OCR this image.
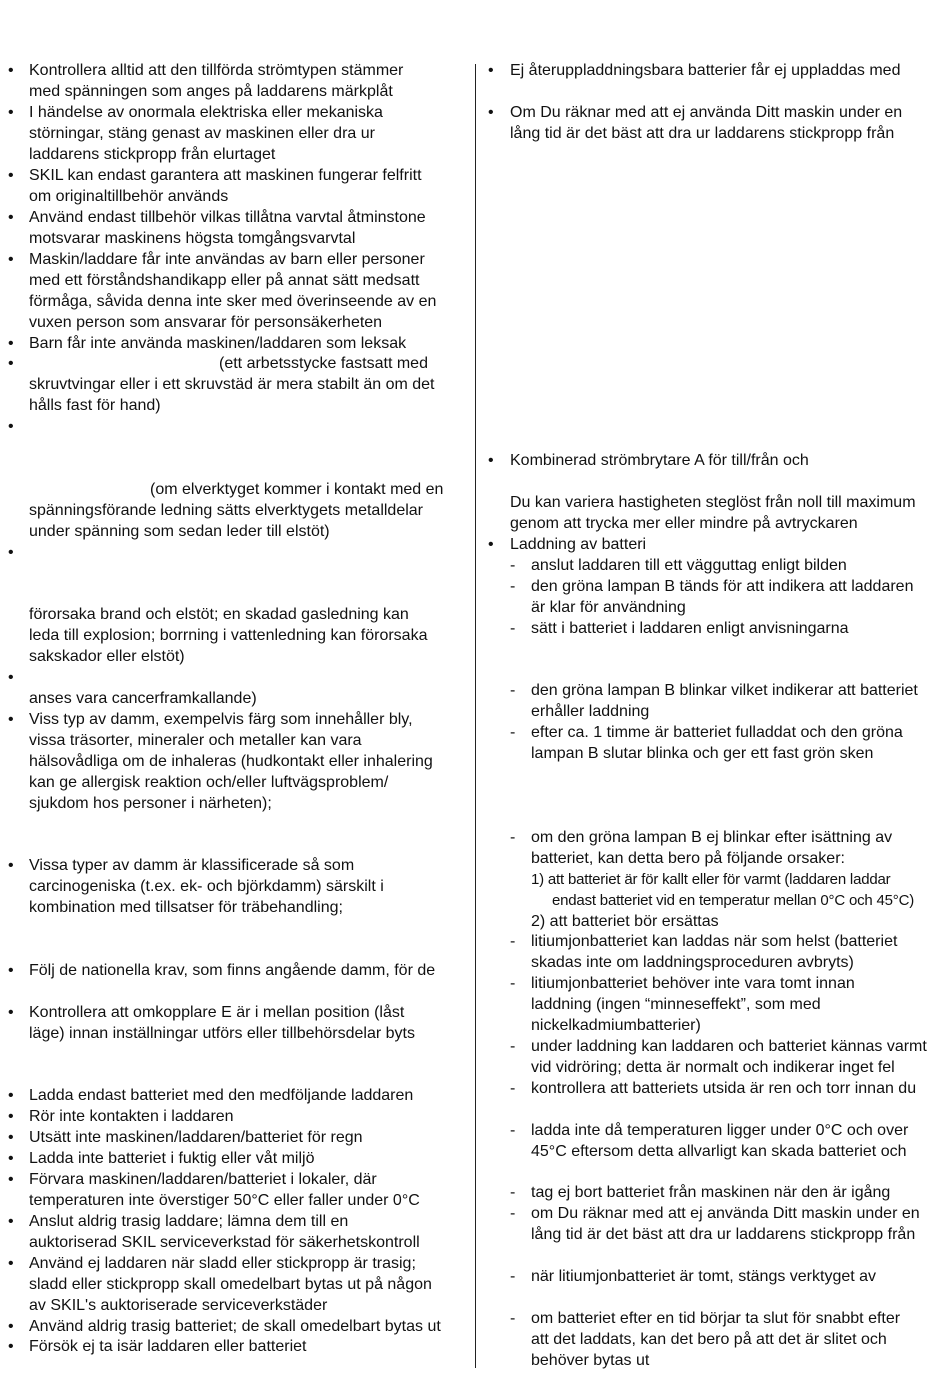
• Kontrollera alltid att den tillförda strömtypen stämmer
med spänningen som anges på laddarens märkplåt
• I händelse av onormala elektriska eller mekaniska
störningar, stäng genast av maskinen eller dra ur
laddarens stickpropp från elurtaget
• SKIL kan endast garantera att maskinen fungerar felfritt
om originaltillbehör används
• Använd endast tillbehör vilkas tillåtna varvtal åtminstone
motsvarar maskinens högsta tomgångsvarvtal
• Maskin/laddare får inte användas av barn eller personer
med ett förståndshandikapp eller på annat sätt medsatt
förmåga, såvida denna inte sker med överinseende av en
vuxen person som ansvarar för personsäkerheten
• Barn får inte använda maskinen/laddaren som leksak
•	(ett arbetsstycke fastsatt med
skruvtvingar eller i ett skruvstäd är mera stabilt än om det
hålls fast för hand)
•
(om elverktyget kommer i kontakt med en
spänningsförande ledning sätts elverktygets metalldelar
under spänning som sedan leder till elstöt)
•
förorsaka brand och elstöt; en skadad gasledning kan
leda till explosion; borrning i vattenledning kan förorsaka
sakskador eller elstöt)
•
anses vara cancerframkallande)
• Viss typ av damm, exempelvis färg som innehåller bly,
vissa träsorter, mineraler och metaller kan vara
hälsovådliga om de inhaleras (hudkontakt eller inhalering
kan ge allergisk reaktion och/eller luftvägsproblem/
sjukdom hos personer i närheten);
• Vissa typer av damm är klassificerade så som
carcinogeniska (t.ex. ek- och björkdamm) särskilt i
kombination med tillsatser för träbehandling;
• Följ de nationella krav, som finns angående damm, för de
• Kontrollera att omkopplare E är i mellan position (låst
läge) innan inställningar utförs eller tillbehörsdelar byts
• Ladda endast batteriet med den medföljande laddaren
• Rör inte kontakten i laddaren
• Utsätt inte maskinen/laddaren/batteriet för regn
• Ladda inte batteriet i fuktig eller våt miljö
• Förvara maskinen/laddaren/batteriet i lokaler, där
temperaturen inte överstiger 50°C eller faller under 0°C
• Anslut aldrig trasig laddare; lämna dem till en
auktoriserad SKIL serviceverkstad för säkerhetskontroll
• Använd ej laddaren när sladd eller stickpropp är trasig;
sladd eller stickpropp skall omedelbart bytas ut på någon
av SKIL's auktoriserade serviceverkstäder
• Använd aldrig trasig batteriet; de skall omedelbart bytas ut
• Försök ej ta isär laddaren eller batteriet
• Ej återuppladdningsbara batterier får ej uppladdas med
• Om Du räknar med att ej använda Ditt maskin under en
lång tid är det bäst att dra ur laddarens stickpropp från
• Kombinerad strömbrytare A för till/från och
Du kan variera hastigheten steglöst från noll till maximum
genom att trycka mer eller mindre på avtryckaren
• Laddning av batteri
- anslut laddaren till ett vägguttag enligt bilden
- den gröna lampan B tänds för att indikera att laddaren
är klar för användning
- sätt i batteriet i laddaren enligt anvisningarna
- den gröna lampan B blinkar vilket indikerar att batteriet
erhåller laddning
- efter ca. 1 timme är batteriet fulladdat och den gröna
lampan B slutar blinka och ger ett fast grön sken
- om den gröna lampan B ej blinkar efter isättning av
batteriet, kan detta bero på följande orsaker:
1) att batteriet är för kallt eller för varmt (laddaren laddar
endast batteriet vid en temperatur mellan 0°C och 45°C)
2) att batteriet bör ersättas
- litiumjonbatteriet kan laddas när som helst (batteriet
skadas inte om laddningsproceduren avbryts)
- litiumjonbatteriet behöver inte vara tomt innan
laddning (ingen “minneseffekt”, som med
nickelkadmiumbatterier)
- under laddning kan laddaren och batteriet kännas varmt
vid vidröring; detta är normalt och indikerar inget fel
- kontrollera att batteriets utsida är ren och torr innan du
- ladda inte då temperaturen ligger under 0°C och over
45°C eftersom detta allvarligt kan skada batteriet och
- tag ej bort batteriet från maskinen när den är igång
- om Du räknar med att ej använda Ditt maskin under en
lång tid är det bäst att dra ur laddarens stickpropp från
- när litiumjonbatteriet är tomt, stängs verktyget av
- om batteriet efter en tid börjar ta slut för snabbt efter
att det laddats, kan det bero på att det är slitet och
behöver bytas ut
